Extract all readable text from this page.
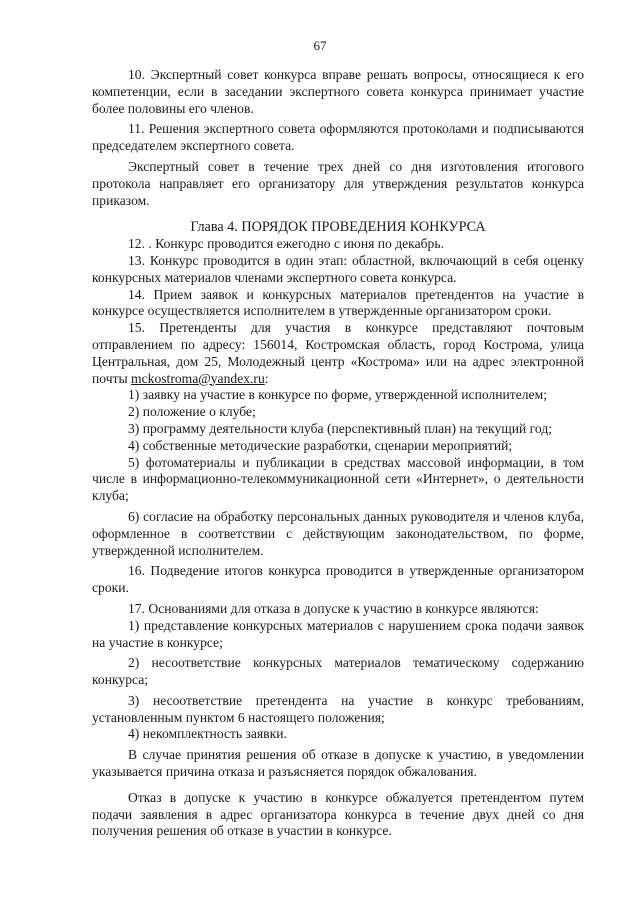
67

10. Экспертный совет конкурса вправе решать вопросы, относящиеся к его компетенции, если в заседании экспертного совета конкурса принимает участие более половины его членов.

11. Решения экспертного совета оформляются протоколами и подписываются председателем экспертного совета.

Экспертный совет в течение трех дней со дня изготовления итогового протокола направляет его организатору для утверждения результатов конкурса приказом.

Глава 4. ПОРЯДОК ПРОВЕДЕНИЯ КОНКУРСА

12. . Конкурс проводится ежегодно с июня по декабрь.

13. Конкурс проводится в один этап: областной, включающий в себя оценку конкурсных материалов членами экспертного совета конкурса.

14. Прием заявок и конкурсных материалов претендентов на участие в конкурсе осуществляется исполнителем в утвержденные организатором сроки.

15. Претенденты для участия в конкурсе представляют почтовым отправлением по адресу: 156014, Костромская область, город Кострома, улица Центральная, дом 25, Молодежный центр «Кострома» или на адрес электронной почты mckostroma@yandex.ru:

1) заявку на участие в конкурсе по форме, утвержденной исполнителем;

2) положение о клубе;

3) программу деятельности клуба (перспективный план) на текущий год;

4) собственные методические разработки, сценарии мероприятий;

5) фотоматериалы и публикации в средствах массовой информации, в том числе в информационно-телекоммуникационной сети «Интернет», о деятельности клуба;

6) согласие на обработку персональных данных руководителя и членов клуба, оформленное в соответствии с действующим законодательством, по форме, утвержденной исполнителем.

16. Подведение итогов конкурса проводится в утвержденные организатором сроки.

17. Основаниями для отказа в допуске к участию в конкурсе являются:

1) представление конкурсных материалов с нарушением срока подачи заявок на участие в конкурсе;

2) несоответствие конкурсных материалов тематическому содержанию конкурса;

3) несоответствие претендента на участие в конкурс требованиям, установленным пунктом 6 настоящего положения;

4) некомплектность заявки.

В случае принятия решения об отказе в допуске к участию, в уведомлении указывается причина отказа и разъясняется порядок обжалования.

Отказ в допуске к участию в конкурсе обжалуется претендентом путем подачи заявления в адрес организатора конкурса в течение двух дней со дня получения решения об отказе в участии в конкурсе.
